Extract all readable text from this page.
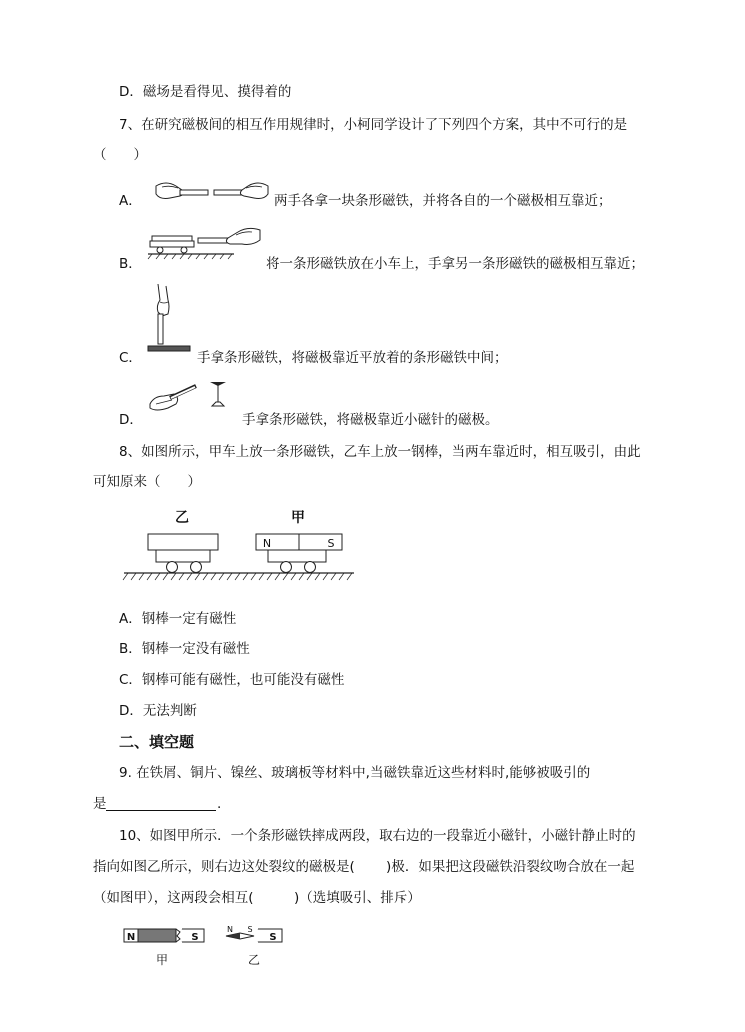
D．磁场是看得见、摸得着的
7、在研究磁极间的相互作用规律时，小柯同学设计了下列四个方案，其中不可行的是
（　　）
A．	两手各拿一块条形磁铁，并将各自的一个磁极相互靠近；
B．	将一条形磁铁放在小车上，手拿另一条形磁铁的磁极相互靠近；
C．	手拿条形磁铁，将磁极靠近平放着的条形磁铁中间；
D．	手拿条形磁铁，将磁极靠近小磁针的磁极。
8、如图所示，甲车上放一条形磁铁，乙车上放一钢棒，当两车靠近时，相互吸引，由此
可知原来（　　）
乙	甲
N	S
A．钢棒一定有磁性
B．钢棒一定没有磁性
C．钢棒可能有磁性，也可能没有磁性
D．无法判断
二、填空题
9. 在铁屑、铜片、镍丝、玻璃板等材料中,当磁铁靠近这些材料时,能够被吸引的
是	.
10、如图甲所示．一个条形磁铁摔成两段，取右边的一段靠近小磁针，小磁针静止时的
指向如图乙所示，则右边这处裂纹的磁极是(　　 )极．如果把这段磁铁沿裂纹吻合放在一起
（如图甲），这两段会相互(　　　)（选填吸引、排斥）
N	S
甲
N S
S
乙
